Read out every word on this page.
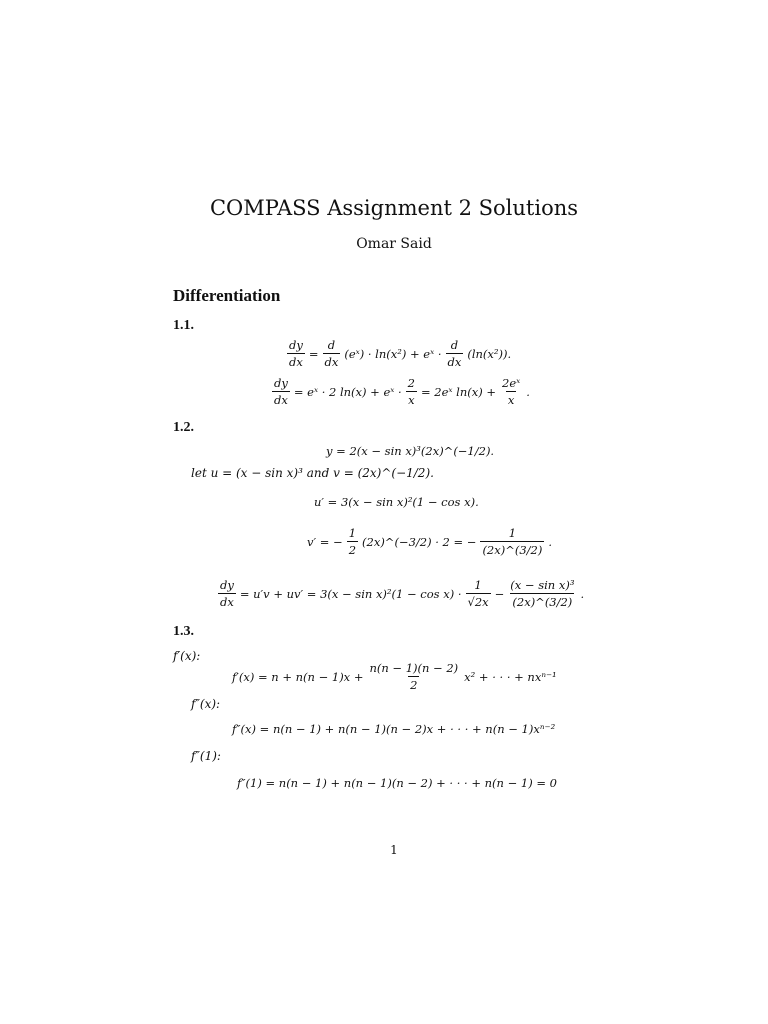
COMPASS Assignment 2 Solutions
Omar Said
Differentiation
1.1.
$\frac{dy}{dx} = \frac{d}{dx}$ (eˣ) · ln(x²) + eˣ · $\frac{d}{dx} (\ln(x^2))$.
$\frac{dy}{dx}$ = eˣ · 2 ln(x) + eˣ · $\frac{2}{x}$ = 2eˣ $\ln(x) + \frac{\text{2eˣ}}{x}$ .
1.2.
y = 2(x − sin x)³(2x)^(−1/2).
let u = (x − sin x)³ and v = (2x)^(−1/2).
u′ = 3(x − sin x)²(1 − cos x).
v′ = − $\frac{1}{2}$ (2x)^(−3/2) · 2 = − $\frac{1}{(2x)\^{}(3/2)}$ .
$\frac{dy}{dx} = u'v + uv' = 3(x - \sin x)^2(1 - \cos x) \cdot \frac{1}{√2x} - \frac{\text{(x − sin x)³}}{(2x)\^{}(3/2)}$ .
1.3.
f′(x):
$f'(x) = n + n(n - 1)x + \frac{n(n - 1)(n - 2)}{2} x^2$ + · · · + nxⁿ⁻¹
f″(x):
f″(x) = n(n − 1) + n(n − 1)(n − 2)x + · · · + n(n − 1)xⁿ⁻²
f″(1):
f″(1) = n(n − 1) + n(n − 1)(n − 2) + · · · + n(n − 1) = 0
1
